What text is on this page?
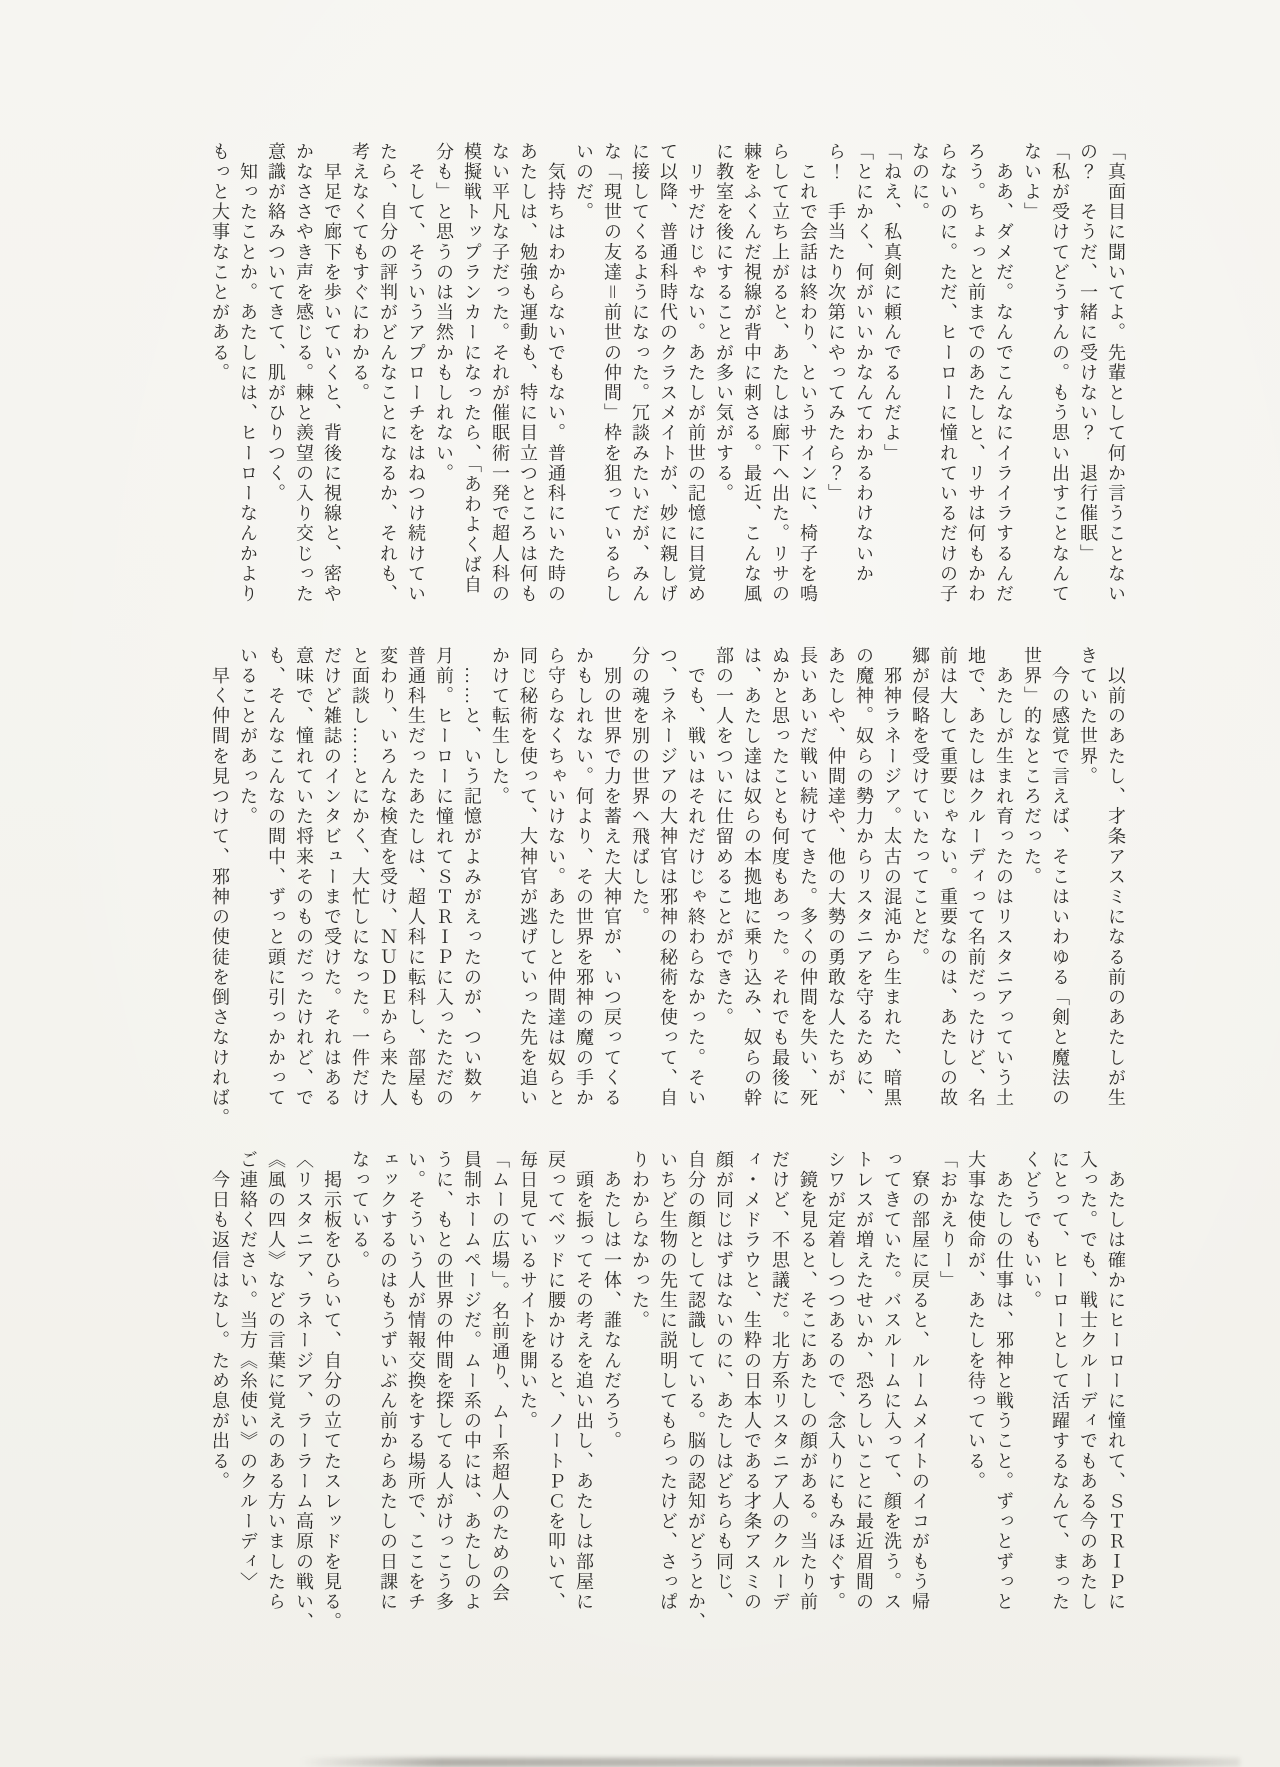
「真面目に聞いてよ。先輩として何か言うことない
の？　そうだ、一緒に受けない？　退行催眠」
「私が受けてどうすんの。もう思い出すことなんて
ないよ」
　ああ、ダメだ。なんでこんなにイライラするんだ
ろう。ちょっと前までのあたしと、リサは何もかわ
らないのに。ただ、ヒーローに憧れているだけの子
なのに。
「ねえ、私真剣に頼んでるんだよ」
「とにかく、何がいいかなんてわかるわけないか
ら！　手当たり次第にやってみたら？」
　これで会話は終わり、というサインに、椅子を鳴
らして立ち上がると、あたしは廊下へ出た。リサの
棘をふくんだ視線が背中に刺さる。最近、こんな風
に教室を後にすることが多い気がする。
　リサだけじゃない。あたしが前世の記憶に目覚め
て以降、普通科時代のクラスメイトが、妙に親しげ
に接してくるようになった。冗談みたいだが、みん
な「現世の友達＝前世の仲間」枠を狙っているらし
いのだ。
　気持ちはわからないでもない。普通科にいた時の
あたしは、勉強も運動も、特に目立つところは何も
ない平凡な子だった。それが催眠術一発で超人科の
模擬戦トップランカーになったら、「あわよくば自
分も」と思うのは当然かもしれない。
　そして、そういうアプローチをはねつけ続けてい
たら、自分の評判がどんなことになるか、それも、
考えなくてもすぐにわかる。
　早足で廊下を歩いていくと、背後に視線と、密や
かなささやき声を感じる。棘と羨望の入り交じった
意識が絡みついてきて、肌がひりつく。
　知ったことか。あたしには、ヒーローなんかより
もっと大事なことがある。
　以前のあたし、才条アスミになる前のあたしが生
きていた世界。
　今の感覚で言えば、そこはいわゆる「剣と魔法の
世界」的なところだった。
　あたしが生まれ育ったのはリスタニアっていう土
地で、あたしはクルーディって名前だったけど、名
前は大して重要じゃない。重要なのは、あたしの故
郷が侵略を受けていたってことだ。
　邪神ラネージア。太古の混沌から生まれた、暗黒
の魔神。奴らの勢力からリスタニアを守るために、
あたしや、仲間達や、他の大勢の勇敢な人たちが、
長いあいだ戦い続けてきた。多くの仲間を失い、死
ぬかと思ったことも何度もあった。それでも最後に
は、あたし達は奴らの本拠地に乗り込み、奴らの幹
部の一人をついに仕留めることができた。
　でも、戦いはそれだけじゃ終わらなかった。そい
つ、ラネージアの大神官は邪神の秘術を使って、自
分の魂を別の世界へ飛ばした。
　別の世界で力を蓄えた大神官が、いつ戻ってくる
かもしれない。何より、その世界を邪神の魔の手か
ら守らなくちゃいけない。あたしと仲間達は奴らと
同じ秘術を使って、大神官が逃げていった先を追い
かけて転生した。
　……と、いう記憶がよみがえったのが、つい数ヶ
月前。ヒーローに憧れてＳＴＲＩＰに入ったただの
普通科生だったあたしは、超人科に転科し、部屋も
変わり、いろんな検査を受け、ＮＵＤＥから来た人
と面談し……とにかく、大忙しになった。一件だけ
だけど雑誌のインタビューまで受けた。それはある
意味で、憧れていた将来そのものだったけれど、で
も、そんなこんなの間中、ずっと頭に引っかかって
いることがあった。
　早く仲間を見つけて、邪神の使徒を倒さなければ。
　あたしは確かにヒーローに憧れて、ＳＴＲＩＰに
入った。でも、戦士クルーディでもある今のあたし
にとって、ヒーローとして活躍するなんて、まった
くどうでもいい。
　あたしの仕事は、邪神と戦うこと。ずっとずっと
大事な使命が、あたしを待っている。
「おかえりー」
　寮の部屋に戻ると、ルームメイトのイコがもう帰
ってきていた。バスルームに入って、顔を洗う。ス
トレスが増えたせいか、恐ろしいことに最近眉間の
シワが定着しつつあるので、念入りにもみほぐす。
　鏡を見ると、そこにあたしの顔がある。当たり前
だけど、不思議だ。北方系リスタニア人のクルーデ
ィ・メドラウと、生粋の日本人である才条アスミの
顔が同じはずはないのに、あたしはどちらも同じ、
自分の顔として認識している。脳の認知がどうとか、
いちど生物の先生に説明してもらったけど、さっぱ
りわからなかった。
　あたしは一体、誰なんだろう。
　頭を振ってその考えを追い出し、あたしは部屋に
戻ってベッドに腰かけると、ノートＰＣを叩いて、
毎日見ているサイトを開いた。
「ムーの広場」。名前通り、ムー系超人のための会
員制ホームページだ。ムー系の中には、あたしのよ
うに、もとの世界の仲間を探してる人がけっこう多
い。そういう人が情報交換をする場所で、ここをチ
ェックするのはもうずいぶん前からあたしの日課に
なっている。
　掲示板をひらいて、自分の立てたスレッドを見る。
〈リスタニア、ラネージア、ラーラーム高原の戦い、
《風の四人》などの言葉に覚えのある方いましたら
ご連絡ください。当方《糸使い》のクルーディ〉
　今日も返信はなし。ため息が出る。
